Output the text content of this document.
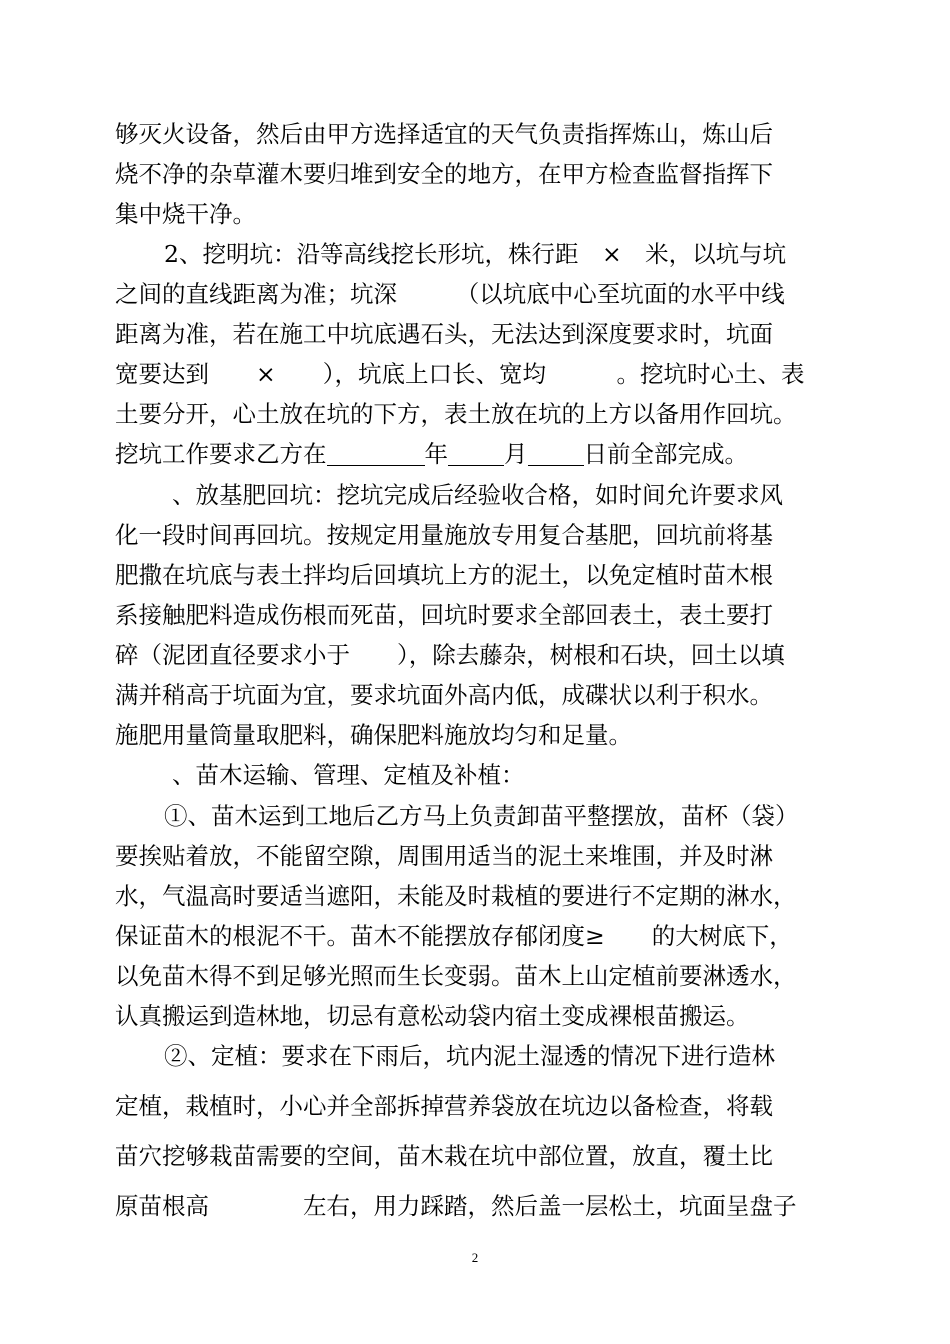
够灭火设备，然后由甲方选择适宜的天气负责指挥炼山，炼山后
烧不净的杂草灌木要归堆到安全的地方，在甲方检查监督指挥下
集中烧干净。
2、挖明坑：沿等高线挖长形坑，株行距　×　米，以坑与坑
之间的直线距离为准；坑深　　　（以坑底中心至坑面的水平中线
距离为准，若在施工中坑底遇石头，无法达到深度要求时，坑面
宽要达到　　×　　），坑底上口长、宽均　　　。挖坑时心土、表
土要分开，心土放在坑的下方，表土放在坑的上方以备用作回坑。
挖坑工作要求乙方在	年 月 日前全部完成。
、放基肥回坑：挖坑完成后经验收合格，如时间允许要求风
化一段时间再回坑。按规定用量施放专用复合基肥，回坑前将基
肥撒在坑底与表土拌均后回填坑上方的泥土，以免定植时苗木根
系接触肥料造成伤根而死苗，回坑时要求全部回表土，表土要打
碎（泥团直径要求小于　　），除去藤杂，树根和石块，回土以填
满并稍高于坑面为宜，要求坑面外高内低，成碟状以利于积水。
施肥用量筒量取肥料，确保肥料施放均匀和足量。
、苗木运输、管理、定植及补植：
①、苗木运到工地后乙方马上负责卸苗平整摆放，苗杯（袋）
要挨贴着放，不能留空隙，周围用适当的泥土来堆围，并及时淋
水，气温高时要适当遮阳，未能及时栽植的要进行不定期的淋水，
保证苗木的根泥不干。苗木不能摆放存郁闭度≥　　的大树底下，
以免苗木得不到足够光照而生长变弱。苗木上山定植前要淋透水，
认真搬运到造林地，切忌有意松动袋内宿土变成裸根苗搬运。
②、定植：要求在下雨后，坑内泥土湿透的情况下进行造林
定植，栽植时，小心并全部拆掉营养袋放在坑边以备检查，将载
苗穴挖够栽苗需要的空间，苗木栽在坑中部位置，放直，覆土比
原苗根高　　　　左右，用力踩踏，然后盖一层松土，坑面呈盘子
2
